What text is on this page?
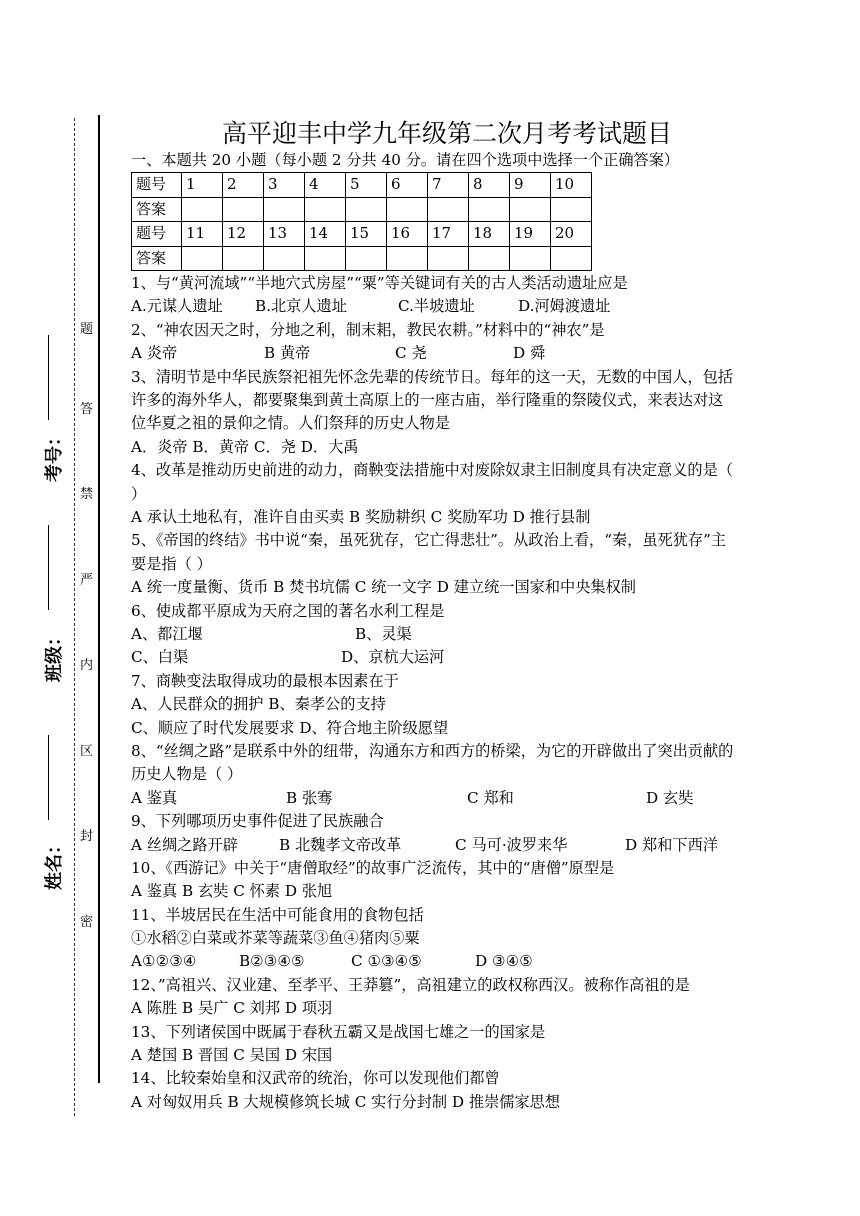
题
答
禁
严
内
区
封
密
考号：
班级：
姓名：
高平迎丰中学九年级第二次月考考试题目
一、本题共 20 小题（每小题 2 分共 40 分。请在四个选项中选择一个正确答案）
题号	1	2	3	4	5	6	7	8	9	10
答案										
题号	11	12	13	14	15	16	17	18	19	20
答案										
1、与“黄河流域”“半地穴式房屋”“粟”等关键词有关的古人类活动遗址应是
A.元谋人遗址 B.北京人遗址	C.半坡遗址	D.河姆渡遗址
2、“神农因天之时，分地之利，制末耜，教民农耕。”材料中的“神农”是
A 炎帝	B 黄帝	C 尧	D 舜
3、清明节是中华民族祭祀祖先怀念先辈的传统节日。每年的这一天，无数的中国人，包括许多的海外华人，都要聚集到黄土高原上的一座古庙，举行隆重的祭陵仪式，来表达对这位华夏之祖的景仰之情。人们祭拜的历史人物是
A．炎帝 B．黄帝 C．尧 D．大禹
4、改革是推动历史前进的动力，商鞅变法措施中对废除奴隶主旧制度具有决定意义的是（ ）
A 承认土地私有，准许自由买卖 B 奖励耕织 C 奖励军功 D 推行县制
5、《帝国的终结》书中说“秦，虽死犹存，它亡得悲壮”。从政治上看，“秦，虽死犹存”主要是指（ ）
A 统一度量衡、货币 B 焚书坑儒 C 统一文字 D 建立统一国家和中央集权制
6、使成都平原成为天府之国的著名水利工程是
A、都江堰	B、灵渠
C、白渠	D、京杭大运河
7、商鞅变法取得成功的最根本因素在于
A、人民群众的拥护 B、秦孝公的支持
C、顺应了时代发展要求 D、符合地主阶级愿望
8、“丝绸之路”是联系中外的纽带，沟通东方和西方的桥梁，为它的开辟做出了突出贡献的历史人物是（ ）
A 鉴真	B 张骞	C 郑和	D 玄奘
9、下列哪项历史事件促进了民族融合
A 丝绸之路开辟	B 北魏孝文帝改革	C 马可·波罗来华	D 郑和下西洋
10、《西游记》中关于“唐僧取经”的故事广泛流传，其中的“唐僧”原型是
A 鉴真 B 玄奘 C 怀素 D 张旭
11、半坡居民在生活中可能食用的食物包括
①水稻②白菜或芥菜等蔬菜③鱼④猪肉⑤粟
A①②③④	B②③④⑤	C ①③④⑤	D ③④⑤
12、”高祖兴、汉业建、至孝平、王莽篡”，高祖建立的政权称西汉。被称作高祖的是
A 陈胜 B 吴广 C 刘邦 D 项羽
13、下列诸侯国中既属于春秋五霸又是战国七雄之一的国家是
A 楚国 B 晋国 C 吴国 D 宋国
14、比较秦始皇和汉武帝的统治，你可以发现他们都曾
A 对匈奴用兵 B 大规模修筑长城 C 实行分封制 D 推崇儒家思想
